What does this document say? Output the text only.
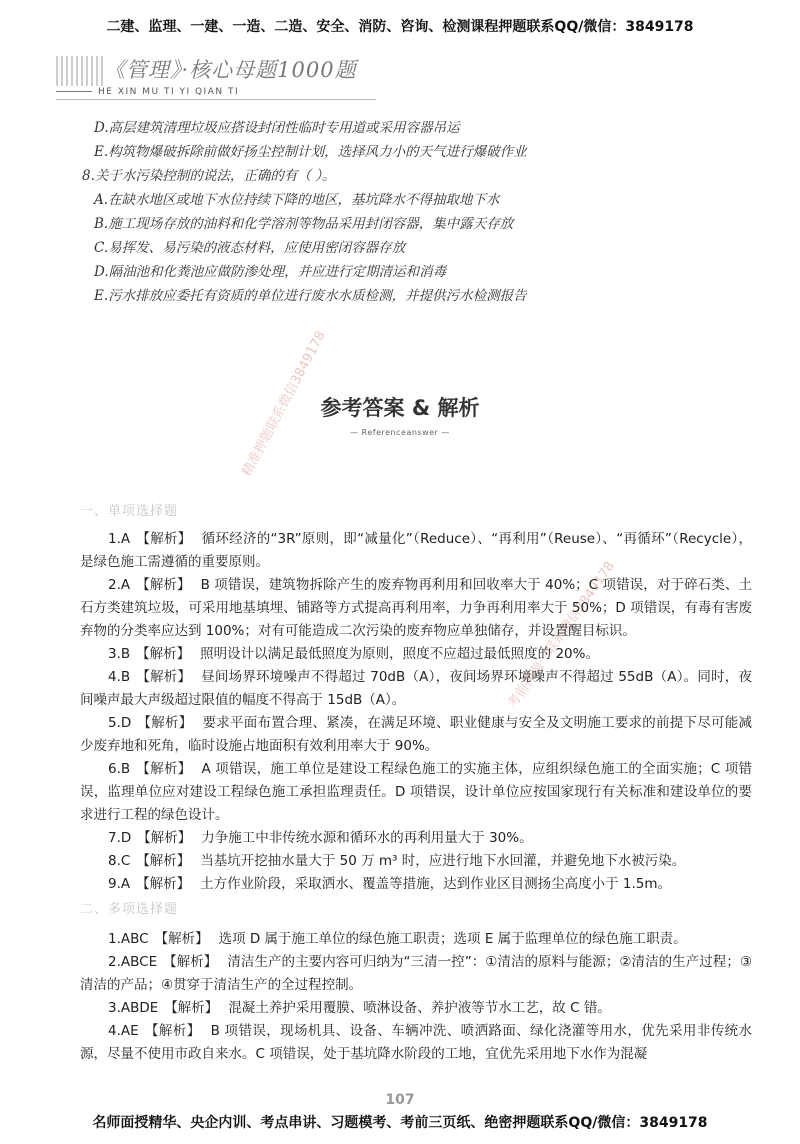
二建、监理、一建、一造、二造、安全、消防、咨询、检测课程押题联系QQ/微信：3849178
《管理》·核心母题1000题
HE XIN MU TI YI QIAN TI
D.高层建筑清理垃圾应搭设封闭性临时专用道或采用容器吊运
E.构筑物爆破拆除前做好扬尘控制计划，选择风力小的天气进行爆破作业
8.关于水污染控制的说法，正确的有（ ）。
A.在缺水地区或地下水位持续下降的地区，基坑降水不得抽取地下水
B.施工现场存放的油料和化学溶剂等物品采用封闭容器，集中露天存放
C.易挥发、易污染的液态材料，应使用密闭容器存放
D.隔油池和化粪池应做防渗处理，并应进行定期清运和消毒
E.污水排放应委托有资质的单位进行废水水质检测，并提供污水检测报告
参考答案 & 解析
— Referenceanswer —
精准押题联系微信3849178
考前押题一联系微信3849178
一、单项选择题

1.A 【解析】 循环经济的“3R”原则，即“减量化”（Reduce）、“再利用”（Reuse）、“再循环”（Recycle），是绿色施工需遵循的重要原则。

2.A 【解析】 B 项错误，建筑物拆除产生的废弃物再利用和回收率大于 40%；C 项错误，对于碎石类、土石方类建筑垃圾，可采用地基填埋、铺路等方式提高再利用率，力争再利用率大于 50%；D 项错误，有毒有害废弃物的分类率应达到 100%；对有可能造成二次污染的废弃物应单独储存，并设置醒目标识。

3.B 【解析】 照明设计以满足最低照度为原则，照度不应超过最低照度的 20%。

4.B 【解析】 昼间场界环境噪声不得超过 70dB（A），夜间场界环境噪声不得超过 55dB（A）。同时，夜间噪声最大声级超过限值的幅度不得高于 15dB（A）。

5.D 【解析】 要求平面布置合理、紧凑，在满足环境、职业健康与安全及文明施工要求的前提下尽可能减少废弃地和死角，临时设施占地面积有效利用率大于 90%。

6.B 【解析】 A 项错误，施工单位是建设工程绿色施工的实施主体，应组织绿色施工的全面实施；C 项错误，监理单位应对建设工程绿色施工承担监理责任。D 项错误，设计单位应按国家现行有关标准和建设单位的要求进行工程的绿色设计。

7.D 【解析】 力争施工中非传统水源和循环水的再利用量大于 30%。

8.C 【解析】 当基坑开挖抽水量大于 50 万 m³ 时，应进行地下水回灌，并避免地下水被污染。

9.A 【解析】 土方作业阶段，采取洒水、覆盖等措施，达到作业区目测扬尘高度小于 1.5m。

二、多项选择题

1.ABC 【解析】 选项 D 属于施工单位的绿色施工职责；选项 E 属于监理单位的绿色施工职责。

2.ABCE 【解析】 清洁生产的主要内容可归纳为“三清一控”：①清洁的原料与能源；②清洁的生产过程；③清洁的产品；④贯穿于清洁生产的全过程控制。

3.ABDE 【解析】 混凝土养护采用覆膜、喷淋设备、养护液等节水工艺，故 C 错。

4.AE 【解析】 B 项错误，现场机具、设备、车辆冲洗、喷洒路面、绿化浇灌等用水，优先采用非传统水源，尽量不使用市政自来水。C 项错误，处于基坑降水阶段的工地，宜优先采用地下水作为混凝

107
名师面授精华、央企内训、考点串讲、习题模考、考前三页纸、绝密押题联系QQ/微信：3849178
